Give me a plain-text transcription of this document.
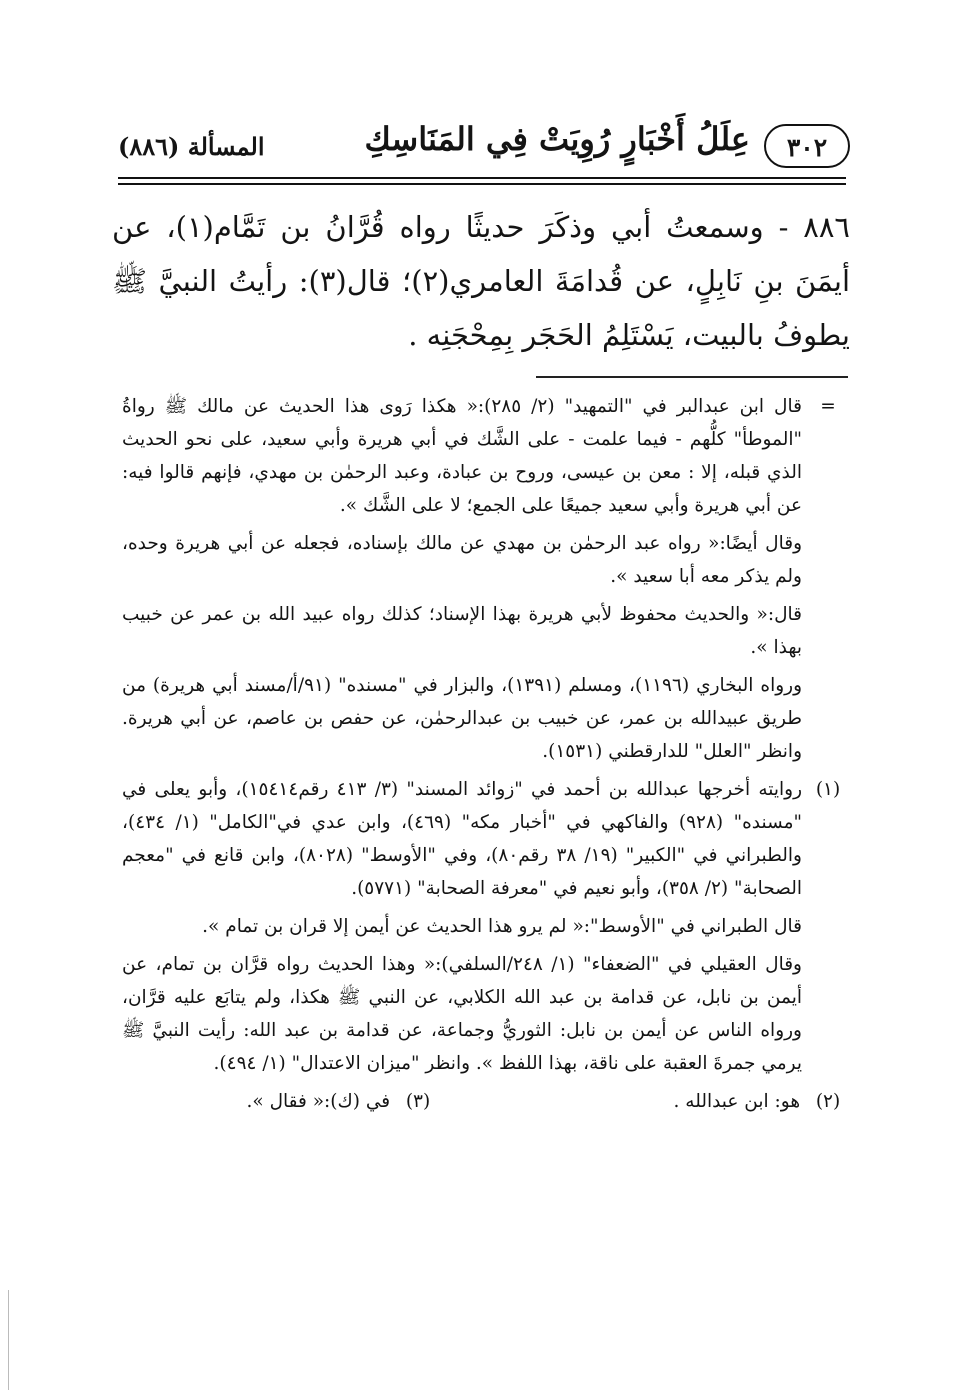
٣٠٢
عِلَلُ أَخْبَارٍ رُوِيَتْ فِي المَنَاسِكِ
المسألة (٨٨٦)

٨٨٦ - وسمعتُ أبي وذكَرَ حديثًا رواه قُرَّانُ بن تَمَّام(١)، عن أيمَنَ بنِ نَابِلٍ، عن قُدامَةَ العامري(٢)؛ قال(٣): رأيتُ النبيَّ ﷺ يطوفُ بالبيت، يَسْتَلِمُ الحَجَر بِمِحْجَنِه .

=

قال ابن عبدالبر في "التمهيد" (٢/ ٢٨٥):« هكذا رَوى هذا الحديث عن مالك ﷺ رواةُ "الموطأ" كلُّهم - فيما علمت - على الشَّك في أبي هريرة وأبي سعيد، على نحو الحديث الذي قبله، إلا : معن بن عيسى، وروح بن عبادة، وعبد الرحمٰن بن مهدي، فإنهم قالوا فيه: عن أبي هريرة وأبي سعيد جميعًا على الجمع؛ لا على الشَّك ».

وقال أيضًا:« رواه عبد الرحمٰن بن مهدي عن مالك بإسناده، فجعله عن أبي هريرة وحده، ولم يذكر معه أبا سعيد ».

قال:« والحديث محفوظ لأبي هريرة بهذا الإسناد؛ كذلك رواه عبيد الله بن عمر عن خبيب بهذا ».

ورواه البخاري (١١٩٦)، ومسلم (١٣٩١)، والبزار في "مسنده" (٩١/أ/مسند أبي هريرة) من طريق عبيدالله بن عمر، عن خبيب بن عبدالرحمٰن، عن حفص بن عاصم، عن أبي هريرة. وانظر "العلل" للدارقطني (١٥٣١).

(١)

روايته أخرجها عبدالله بن أحمد في "زوائد المسند" (٣/ ٤١٣ رقم١٥٤١٤)، وأبو يعلى في "مسنده" (٩٢٨) والفاكهي في "أخبار مكه" (٤٦٩)، وابن عدي في"الكامل" (١/ ٤٣٤)، والطبراني في "الكبير" (١٩/ ٣٨ رقم٨٠)، وفي "الأوسط" (٨٠٢٨)، وابن قانع في "معجم الصحابة" (٢/ ٣٥٨)، وأبو نعيم في "معرفة الصحابة" (٥٧٧١).

قال الطبراني في "الأوسط":« لم يرو هذا الحديث عن أيمن إلا قران بن تمام ».

وقال العقيلي في "الضعفاء" (١/ ٢٤٨/السلفي):« وهذا الحديث رواه قرَّان بن تمام، عن أيمن بن نابل، عن قدامة بن عبد الله الكلابي، عن النبي ﷺ هكذا، ولم يتابَع عليه قرَّان، ورواه الناس عن أيمن بن نابل: الثوريُّ وجماعة، عن قدامة بن عبد الله: رأيت النبيَّ ﷺ يرمي جمرةَ العقبة على ناقة، بهذا اللفظ ». وانظر "ميزان الاعتدال" (١/ ٤٩٤).

(٢) هو: ابن عبدالله .
(٣) في (ك):« فقال ».
